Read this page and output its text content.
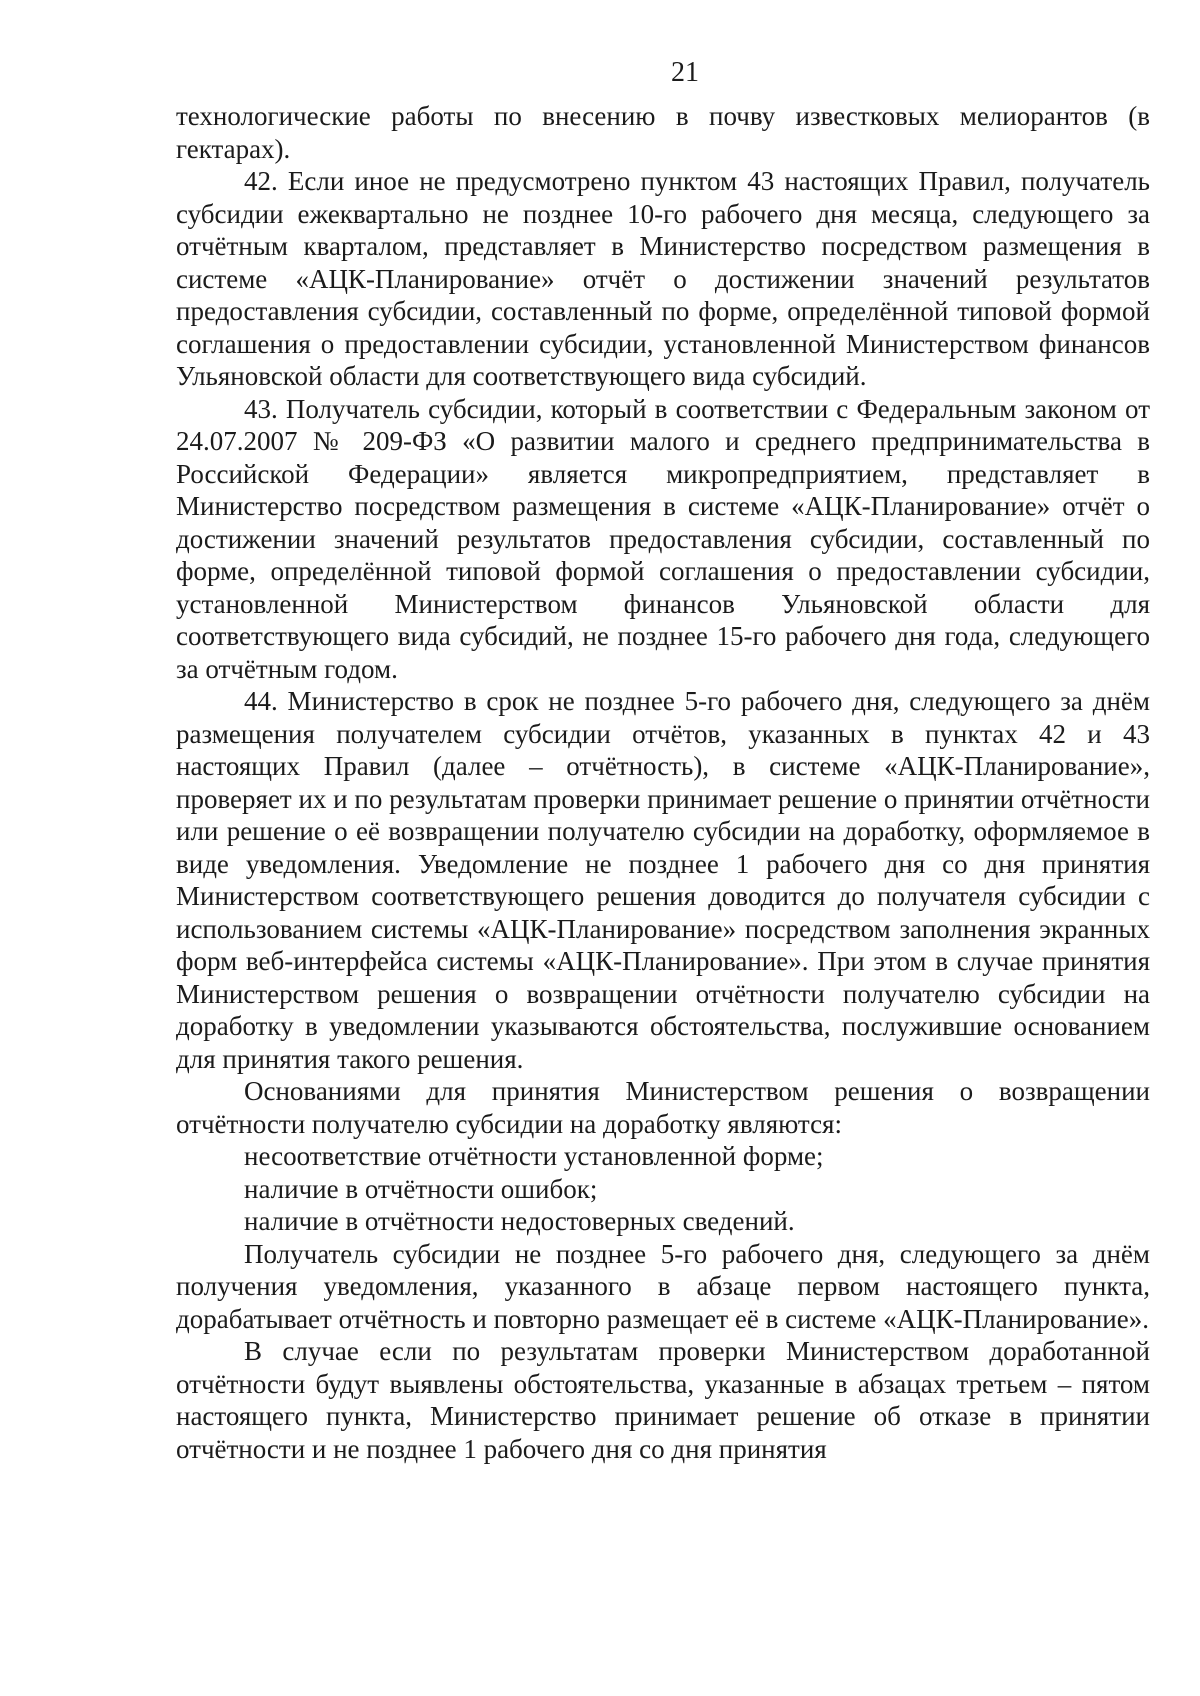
21

технологические работы по внесению в почву известковых мелиорантов (в гектарах).

42. Если иное не предусмотрено пунктом 43 настоящих Правил, получатель субсидии ежеквартально не позднее 10-го рабочего дня месяца, следующего за отчётным кварталом, представляет в Министерство посредством размещения в системе «АЦК-Планирование» отчёт о достижении значений результатов предоставления субсидии, составленный по форме, определённой типовой формой соглашения о предоставлении субсидии, установленной Министерством финансов Ульяновской области для соответствующего вида субсидий.

43. Получатель субсидии, который в соответствии с Федеральным законом от 24.07.2007 № 209-ФЗ «О развитии малого и среднего предпринимательства в Российской Федерации» является микропредприятием, представляет в Министерство посредством размещения в системе «АЦК-Планирование» отчёт о достижении значений результатов предоставления субсидии, составленный по форме, определённой типовой формой соглашения о предоставлении субсидии, установленной Министерством финансов Ульяновской области для соответствующего вида субсидий, не позднее 15-го рабочего дня года, следующего за отчётным годом.

44. Министерство в срок не позднее 5-го рабочего дня, следующего за днём размещения получателем субсидии отчётов, указанных в пунктах 42 и 43 настоящих Правил (далее – отчётность), в системе «АЦК-Планирование», проверяет их и по результатам проверки принимает решение о принятии отчётности или решение о её возвращении получателю субсидии на доработку, оформляемое в виде уведомления. Уведомление не позднее 1 рабочего дня со дня принятия Министерством соответствующего решения доводится до получателя субсидии с использованием системы «АЦК-Планирование» посредством заполнения экранных форм веб-интерфейса системы «АЦК-Планирование». При этом в случае принятия Министерством решения о возвращении отчётности получателю субсидии на доработку в уведомлении указываются обстоятельства, послужившие основанием для принятия такого решения.

Основаниями для принятия Министерством решения о возвращении отчётности получателю субсидии на доработку являются:

несоответствие отчётности установленной форме;

наличие в отчётности ошибок;

наличие в отчётности недостоверных сведений.

Получатель субсидии не позднее 5-го рабочего дня, следующего за днём получения уведомления, указанного в абзаце первом настоящего пункта, дорабатывает отчётность и повторно размещает её в системе «АЦК-Планирование».

В случае если по результатам проверки Министерством доработанной отчётности будут выявлены обстоятельства, указанные в абзацах третьем – пятом настоящего пункта, Министерство принимает решение об отказе в принятии отчётности и не позднее 1 рабочего дня со дня принятия
